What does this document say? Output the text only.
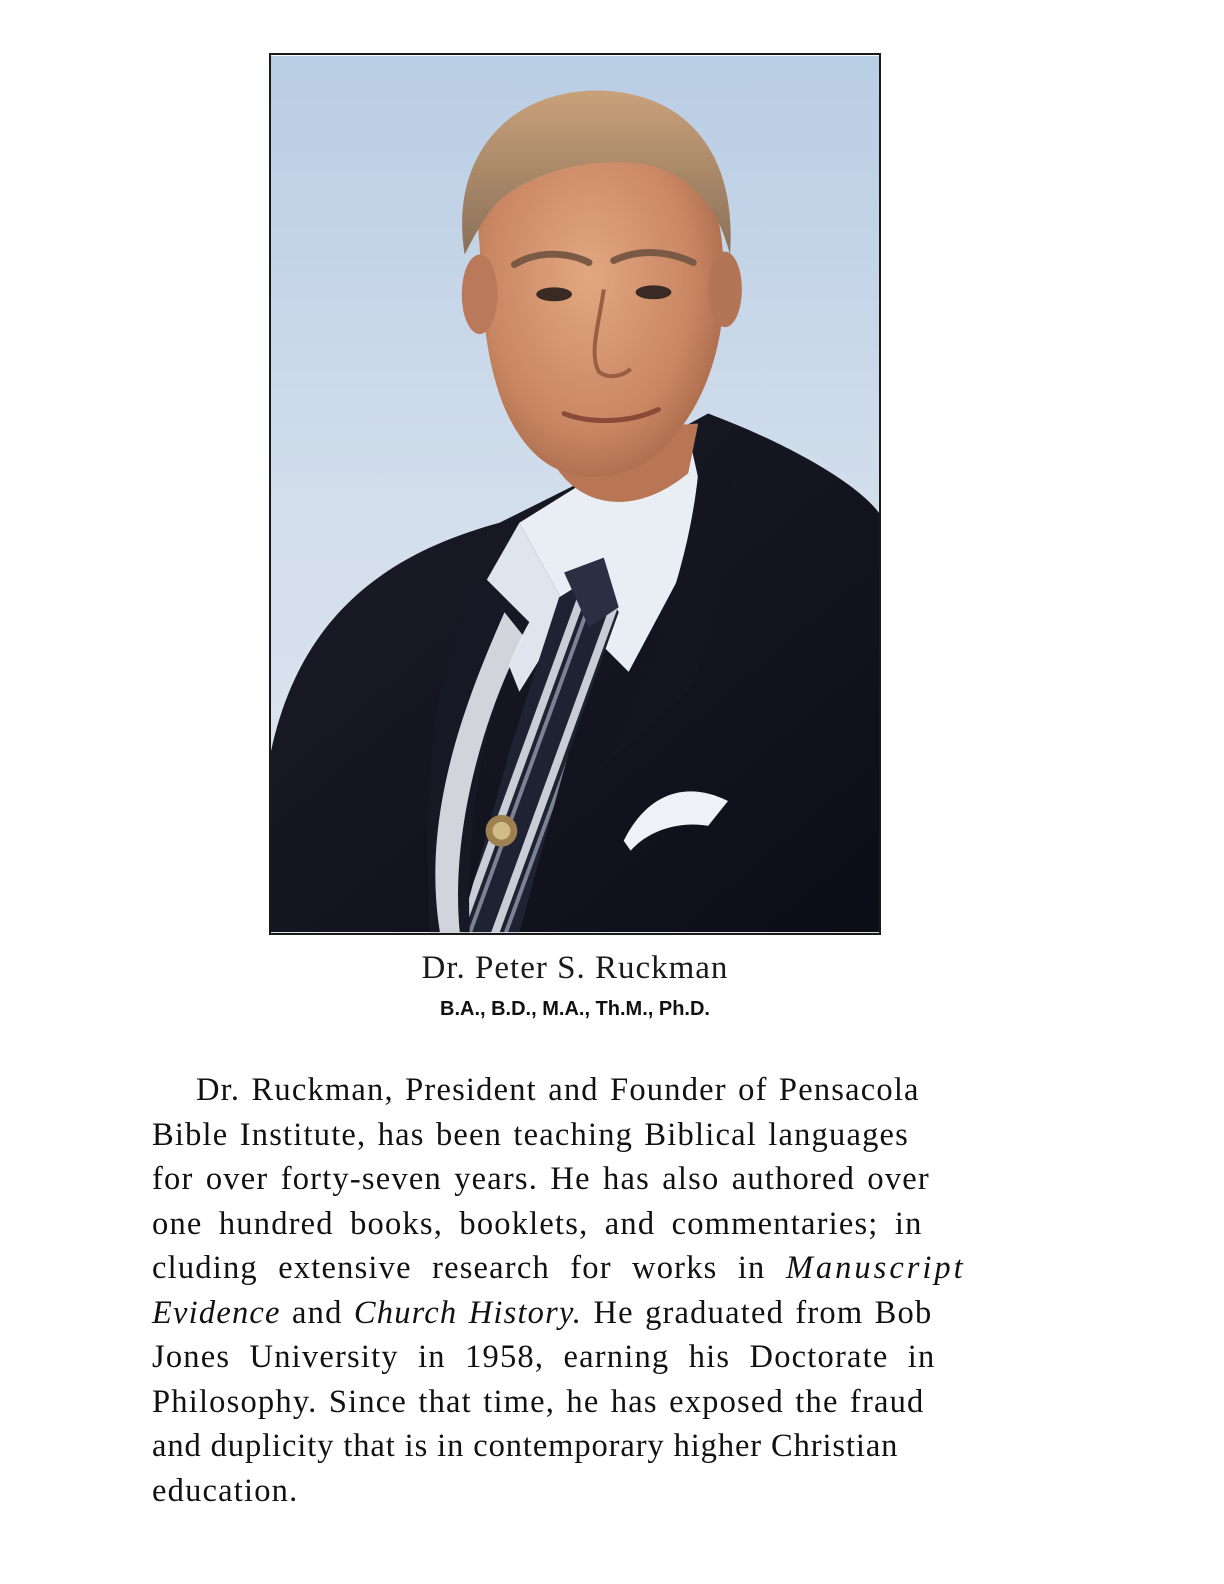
Dr. Peter S. Ruckman
B.A., B.D., M.A., Th.M., Ph.D.
Dr. Ruckman, President and Founder of Pensacola
Bible Institute, has been teaching Biblical languages
for over forty-seven years. He has also authored over
one hundred books, booklets, and commentaries; in
cluding extensive research for works in Manuscript
Evidence and Church History. He graduated from Bob
Jones University in 1958, earning his Doctorate in
Philosophy. Since that time, he has exposed the fraud
and duplicity that is in contemporary higher Christian
education.
